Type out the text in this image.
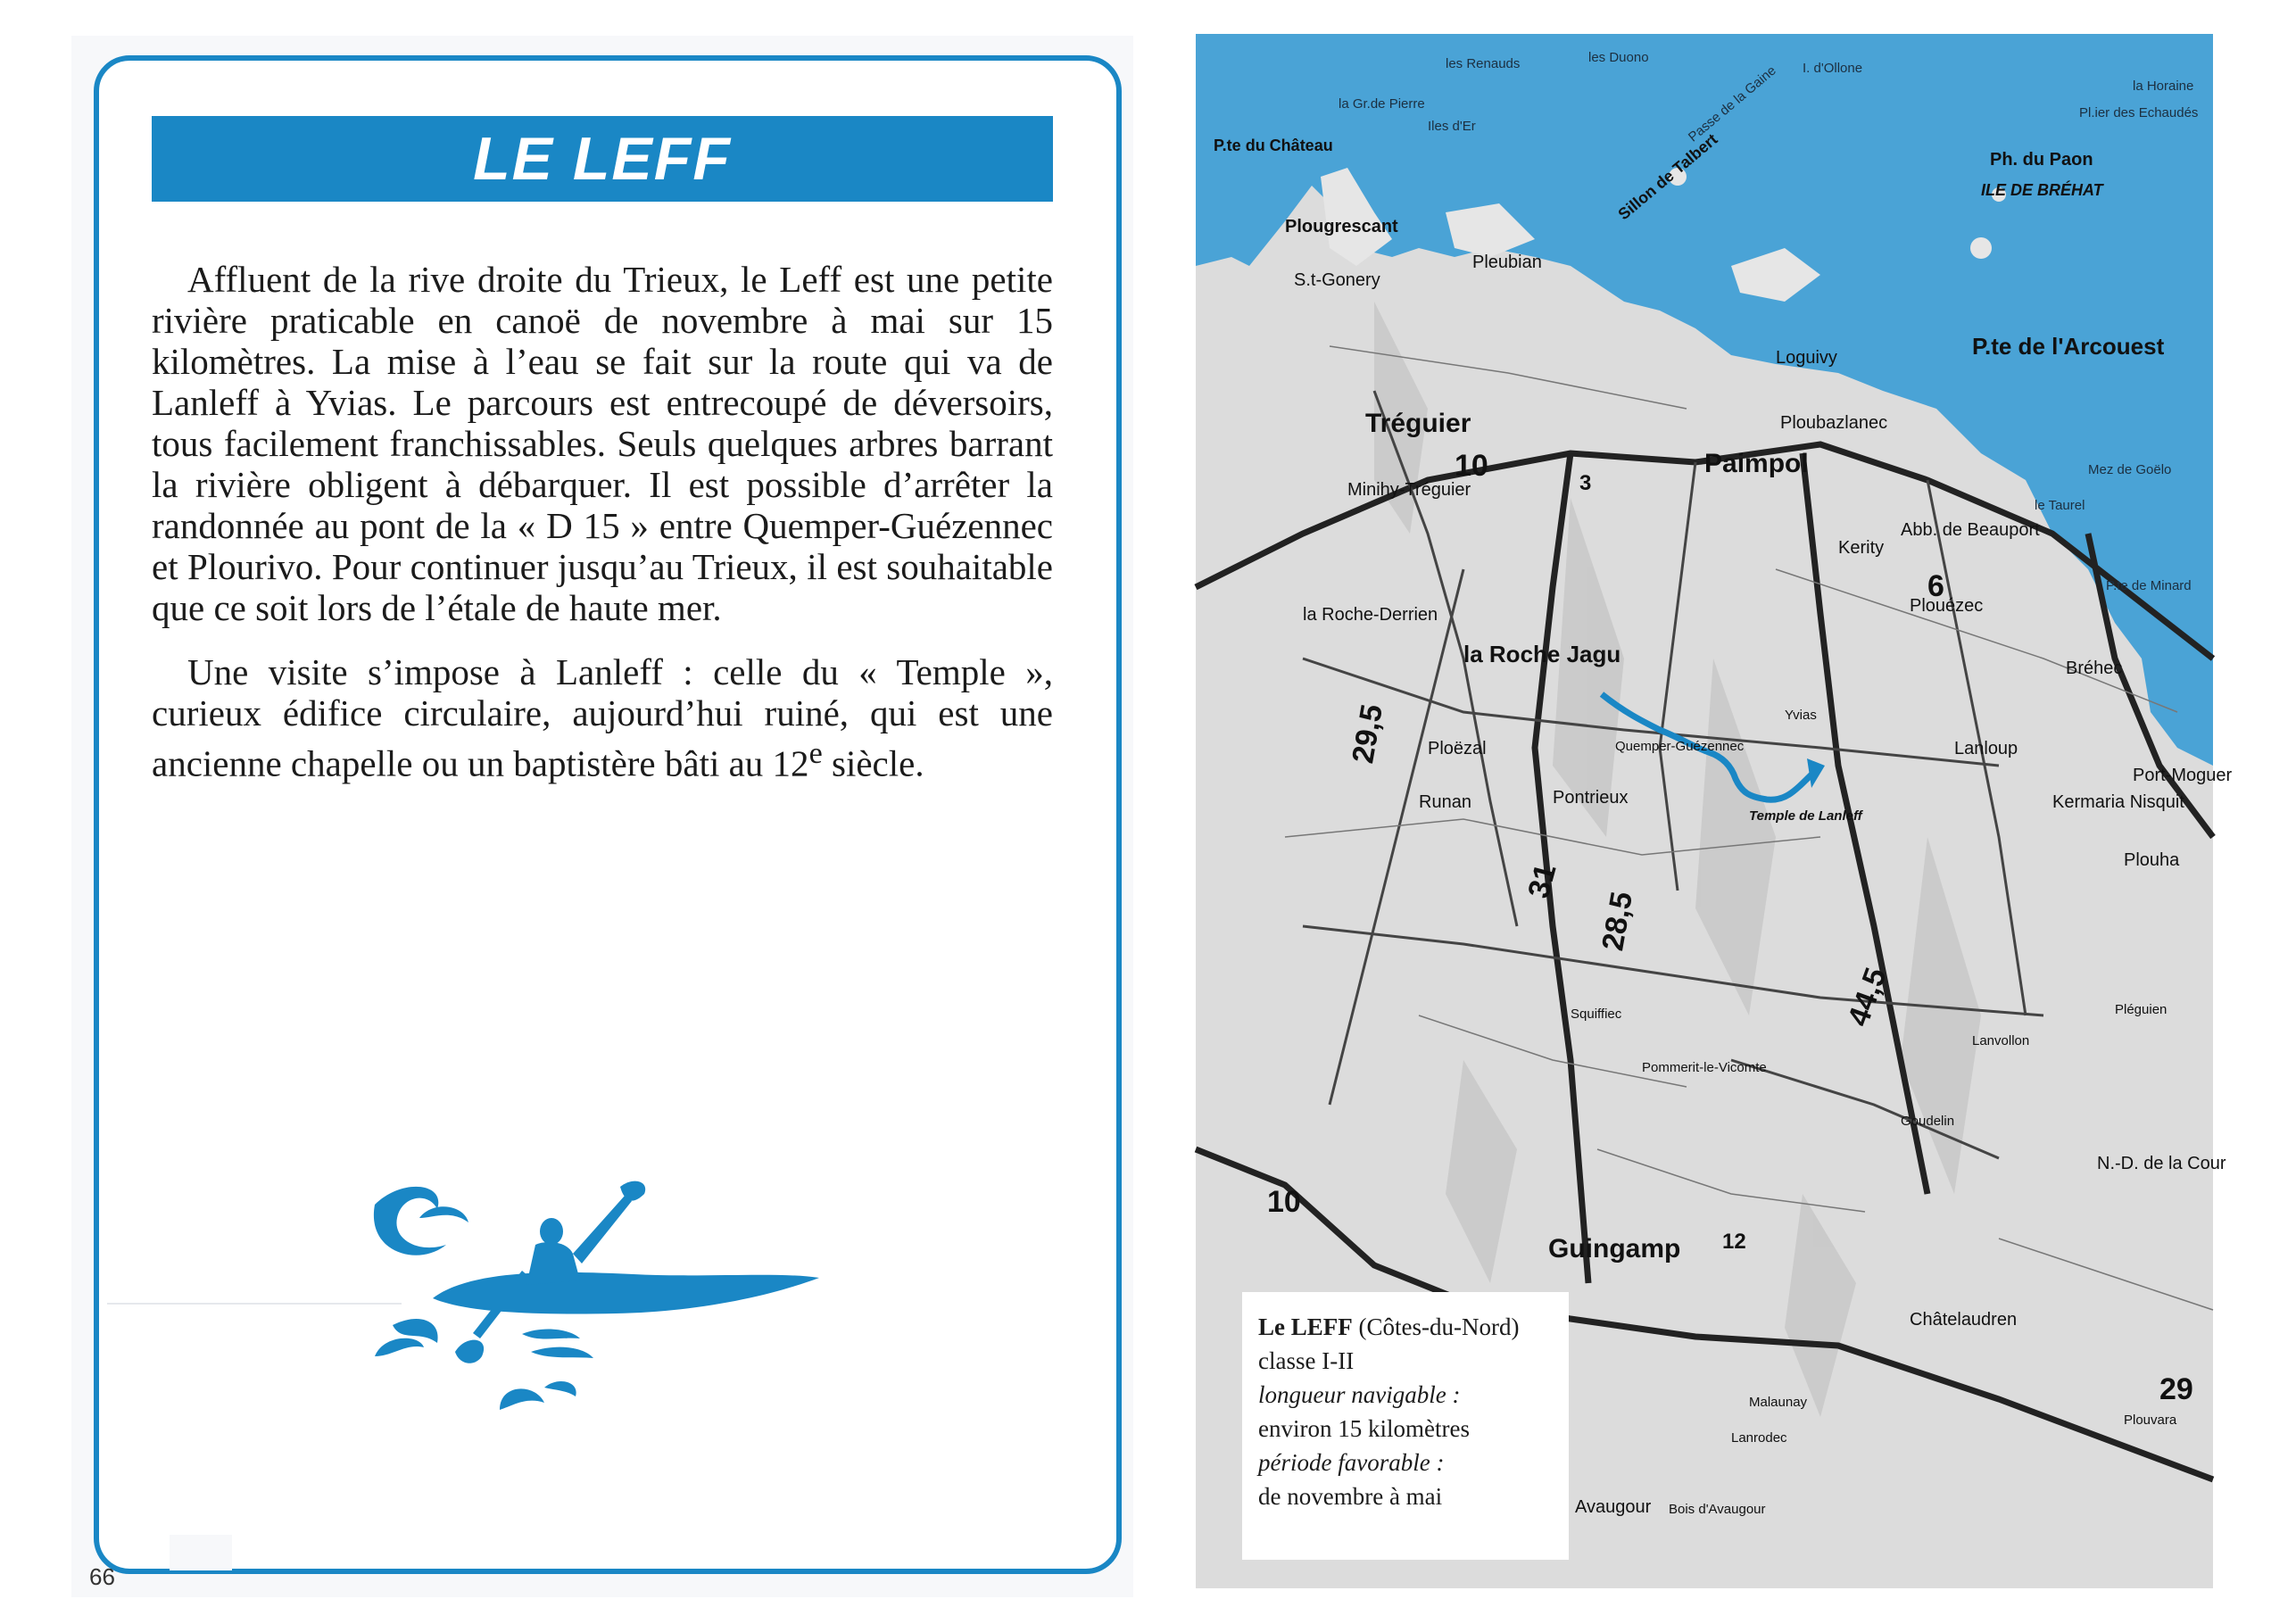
LE LEFF

Affluent de la rive droite du Trieux, le Leff est une petite rivière praticable en canoë de novembre à mai sur 15 kilomètres. La mise à l’eau se fait sur la route qui va de Lanleff à Yvias. Le parcours est entrecoupé de déversoirs, tous facilement franchissables. Seuls quelques arbres barrant la rivière obligent à débarquer. Il est possible d’arrêter la randonnée au pont de la « D 15 » entre Quemper-Guézennec et Plourivo. Pour continuer jusqu’au Trieux, il est souhaitable que ce soit lors de l’étale de haute mer.

Une visite s’impose à Lanleff : celle du « Temple », curieux édifice circulaire, aujourd’hui ruiné, qui est une ancienne chapelle ou un baptistère bâti au 12e siècle.

66
les Renauds	les Duono
la Gr.de Pierre
Iles d'Er
I. d'Ollone
la Horaine
Pl.ier des Echaudés
Ph. du Paon
ILE DE BRÉHAT
Mez de Goëlo
le Taurel
P.te de Minard
Sillon de Talbert
Passe de la Gaine
P.te du Château
Plougrescant
S.t-Gonery
Pleubian
Tréguier
Minihy-Tréguier
Paimpol
Loguivy	P.te de l'Arcouest
Ploubazlanec
Abb. de Beauport
Kerity
Plouézec
Bréhec
la Roche Jagu
la Roche-Derrien
Ploëzal
Runan	Pontrieux
Quemper-Guézennec
Temple de Lanleff
Yvias
Lanloup
Kermaria Nisquit
Plouha
Port-Moguer
Guingamp
Châtelaudren
Pléguien
Lanvollon
N.-D. de la Cour
Squiffiec
Pommerit-le-Vicomte
Goudelin
Plouvara
Malaunay
Lanrodec
Avaugour Bois d'Avaugour
10
10
29,5
31
28,5
44,5
6
29
3
12
Le LEFF (Côtes-du-Nord)
classe I-II
longueur navigable :
environ 15 kilomètres
période favorable :
de novembre à mai
